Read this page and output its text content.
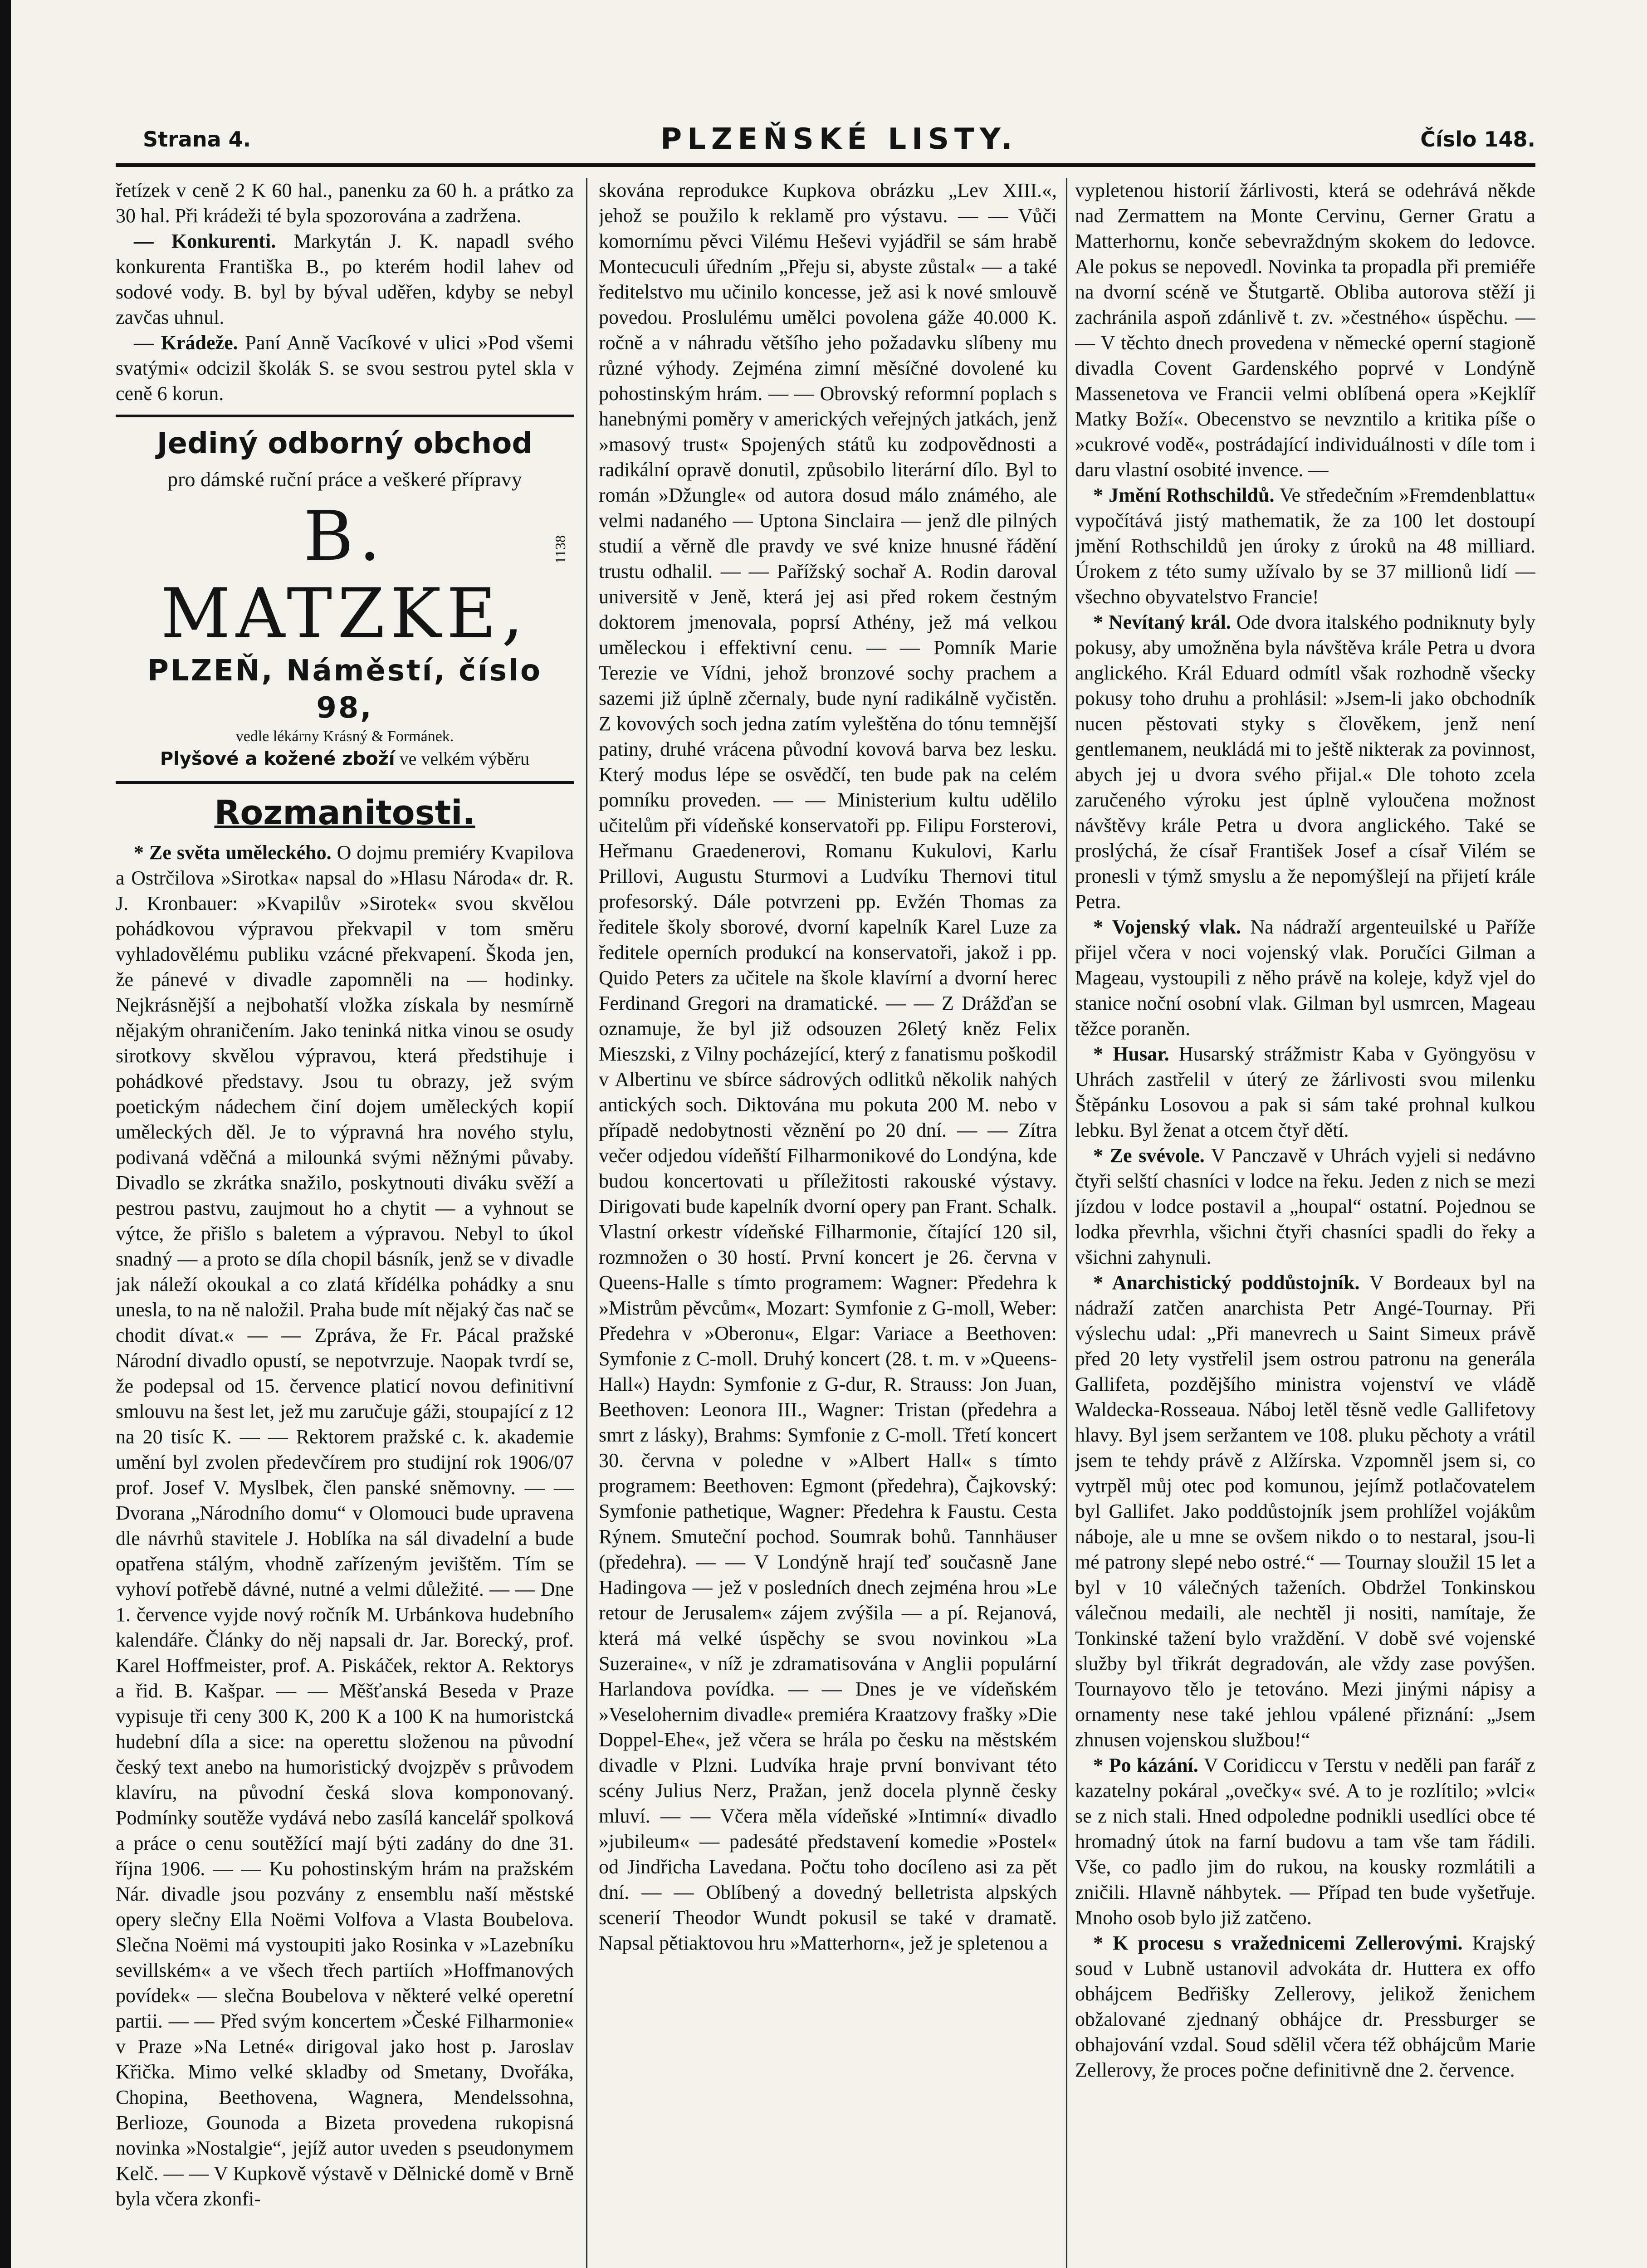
Strana 4.	PLZEŇSKÉ LISTY.	Číslo 148.

řetízek v ceně 2 K 60 hal., panenku za 60 h. a prátko za 30 hal. Při krádeži té byla spozorována a zadržena.

— Konkurenti. Markytán J. K. napadl svého konkurenta Františka B., po kterém hodil lahev od sodové vody. B. byl by býval uděřen, kdyby se nebyl zavčas uhnul.

— Krádeže. Paní Anně Vacíkové v ulici »Pod všemi svatými« odcizil školák S. se svou sestrou pytel skla v ceně 6 korun.

Jediný odborný obchod
pro dámské ruční práce a veškeré přípravy
B. MATZKE,
1138
PLZEŇ, Náměstí, číslo 98,
vedle lékárny Krásný & Formánek.
Plyšové a kožené zboží ve velkém výběru
Rozmanitosti.

* Ze světa uměleckého. O dojmu premiéry Kvapilova a Ostrčilova »Sirotka« napsal do »Hlasu Národa« dr. R. J. Kronbauer: »Kvapilův »Sirotek« svou skvělou pohádkovou výpravou překvapil v tom směru vyhladovělému publiku vzácné překvapení. Škoda jen, že pánevé v divadle zapomněli na — hodinky. Nejkrásnější a nejbohatší vložka získala by nesmírně nějakým ohraničením. Jako teninká nitka vinou se osudy sirotkovy skvělou výpravou, která předstihuje i pohádkové představy. Jsou tu obrazy, jež svým poetickým nádechem činí dojem uměleckých kopií uměleckých děl. Je to výpravná hra nového stylu, podivaná vděčná a milounká svými něžnými půvaby. Divadlo se zkrátka snažilo, poskytnouti diváku svěží a pestrou pastvu, zaujmout ho a chytit — a vyhnout se výtce, že přišlo s baletem a výpravou. Nebyl to úkol snadný — a proto se díla chopil básník, jenž se v divadle jak náleží okoukal a co zlatá křídélka pohádky a snu unesla, to na ně naložil. Praha bude mít nějaký čas nač se chodit dívat.« — — Zpráva, že Fr. Pácal pražské Národní divadlo opustí, se nepotvrzuje. Naopak tvrdí se, že podepsal od 15. července platicí novou definitivní smlouvu na šest let, jež mu zaručuje gáži, stoupající z 12 na 20 tisíc K. — — Rektorem pražské c. k. akademie umění byl zvolen předevčírem pro studijní rok 1906/07 prof. Josef V. Myslbek, člen panské sněmovny. — — Dvorana „Národního domu“ v Olomouci bude upravena dle návrhů stavitele J. Hoblíka na sál divadelní a bude opatřena stálým, vhodně zařízeným jevištěm. Tím se vyhoví potřebě dávné, nutné a velmi důležité. — — Dne 1. července vyjde nový ročník M. Urbánkova hudebního kalendáře. Články do něj napsali dr. Jar. Borecký, prof. Karel Hoffmeister, prof. A. Piskáček, rektor A. Rektorys a řid. B. Kašpar. — — Měšťanská Beseda v Praze vypisuje tři ceny 300 K, 200 K a 100 K na humoristcká hudební díla a sice: na operettu složenou na původní český text anebo na humoristický dvojzpěv s průvodem klavíru, na původní česká slova komponovaný. Podmínky soutěže vydává nebo zasílá kancelář spolková a práce o cenu soutěžící mají býti zadány do dne 31. října 1906. — — Ku pohostinským hrám na pražském Nár. divadle jsou pozvány z ensemblu naší městské opery slečny Ella Noëmi Volfova a Vlasta Boubelova. Slečna Noëmi má vystoupiti jako Rosinka v »Lazebníku sevillském« a ve všech třech partiích »Hoffmanových povídek« — slečna Boubelova v některé velké operetní partii. — — Před svým koncertem »České Filharmonie« v Praze »Na Letné« dirigoval jako host p. Jaroslav Křička. Mimo velké skladby od Smetany, Dvořáka, Chopina, Beethovena, Wagnera, Mendelssohna, Berlioze, Gounoda a Bizeta provedena rukopisná novinka »Nostalgie“, jejíž autor uveden s pseudonymem Kelč. — — V Kupkově výstavě v Dělnické domě v Brně byla včera zkonfi-

skována reprodukce Kupkova obrázku „Lev XIII.«, jehož se použilo k reklamě pro výstavu. — — Vůči komornímu pěvci Vilému Heševi vyjádřil se sám hrabě Montecuculi úředním „Přeju si, abyste zůstal« — a také ředitelstvo mu učinilo koncesse, jež asi k nové smlouvě povedou. Proslulému umělci povolena gáže 40.000 K. ročně a v náhradu většího jeho požadavku slíbeny mu různé výhody. Zejména zimní měsíčné dovolené ku pohostinským hrám. — — Obrovský reformní poplach s hanebnými poměry v amerických veřejných jatkách, jenž »masový trust« Spojených států ku zodpovědnosti a radikální opravě donutil, způsobilo literární dílo. Byl to román »Džungle« od autora dosud málo známého, ale velmi nadaného — Uptona Sinclaira — jenž dle pilných studií a věrně dle pravdy ve své knize hnusné řádění trustu odhalil. — — Pařížský sochař A. Rodin daroval universitě v Jeně, která jej asi před rokem čestným doktorem jmenovala, poprsí Athény, jež má velkou uměleckou i effektivní cenu. — — Pomník Marie Terezie ve Vídni, jehož bronzové sochy prachem a sazemi již úplně zčernaly, bude nyní radikálně vyčistěn. Z kovových soch jedna zatím vyleštěna do tónu temnější patiny, druhé vrácena původní kovová barva bez lesku. Který modus lépe se osvědčí, ten bude pak na celém pomníku proveden. — — Ministerium kultu udělilo učitelům při vídeňské konservatoři pp. Filipu Forsterovi, Heřmanu Graedenerovi, Romanu Kukulovi, Karlu Prillovi, Augustu Sturmovi a Ludvíku Thernovi titul profesorský. Dále potvrzeni pp. Evžén Thomas za ředitele školy sborové, dvorní kapelník Karel Luze za ředitele operních produkcí na konservatoři, jakož i pp. Quido Peters za učitele na škole klavírní a dvorní herec Ferdinand Gregori na dramatické. — — Z Drážďan se oznamuje, že byl již odsouzen 26letý kněz Felix Mieszski, z Vilny pocházející, který z fanatismu poškodil v Albertinu ve sbírce sádrových odlitků několik nahých antických soch. Diktována mu pokuta 200 M. nebo v případě nedobytnosti věznění po 20 dní. — — Zítra večer odjedou vídeňští Filharmonikové do Londýna, kde budou koncertovati u příležitosti rakouské výstavy. Dirigovati bude kapelník dvorní opery pan Frant. Schalk. Vlastní orkestr vídeňské Filharmonie, čítající 120 sil, rozmnožen o 30 hostí. První koncert je 26. června v Queens-Halle s tímto programem: Wagner: Předehra k »Mistrům pěvcům«, Mozart: Symfonie z G-moll, Weber: Předehra v »Oberonu«, Elgar: Variace a Beethoven: Symfonie z C-moll. Druhý koncert (28. t. m. v »Queens-Hall«) Haydn: Symfonie z G-dur, R. Strauss: Jon Juan, Beethoven: Leonora III., Wagner: Tristan (předehra a smrt z lásky), Brahms: Symfonie z C-moll. Třetí koncert 30. června v poledne v »Albert Hall« s tímto programem: Beethoven: Egmont (předehra), Čajkovský: Symfonie pathetique, Wagner: Předehra k Faustu. Cesta Rýnem. Smuteční pochod. Soumrak bohů. Tannhäuser (předehra). — — V Londýně hrají teď současně Jane Hadingova — jež v posledních dnech zejména hrou »Le retour de Jerusalem« zájem zvýšila — a pí. Rejanová, která má velké úspěchy se svou novinkou »La Suzeraine«, v níž je zdramatisována v Anglii populární Harlandova povídka. — — Dnes je ve vídeňském »Veselohernim divadle« premiéra Kraatzovy frašky »Die Doppel-Ehe«, jež včera se hrála po česku na městském divadle v Plzni. Ludvíka hraje první bonvivant této scény Julius Nerz, Pražan, jenž docela plynně česky mluví. — — Včera měla vídeňské »Intimní« divadlo »jubileum« — padesáté představení komedie »Postel« od Jindřicha Lavedana. Počtu toho docíleno asi za pět dní. — — Oblíbený a dovedný belletrista alpských scenerií Theodor Wundt pokusil se také v dramatě. Napsal pětiaktovou hru »Matterhorn«, jež je spletenou a

vypletenou historií žárlivosti, která se odehrává někde nad Zermattem na Monte Cervinu, Gerner Gratu a Matterhornu, konče sebevraždným skokem do ledovce. Ale pokus se nepovedl. Novinka ta propadla při premiéře na dvorní scéně ve Štutgartě. Obliba autorova stěží ji zachránila aspoň zdánlivě t. zv. »čestného« úspěchu. — — V těchto dnech provedena v německé operní stagioně divadla Covent Gardenského poprvé v Londýně Massenetova ve Francii velmi oblíbená opera »Kejklíř Matky Boží«. Obecenstvo se nevzntilo a kritika píše o »cukrové vodě«, postrádající individuálnosti v díle tom i daru vlastní osobité invence. —

* Jmění Rothschildů. Ve středečním »Fremdenblattu« vypočítává jistý mathematik, že za 100 let dostoupí jmění Rothschildů jen úroky z úroků na 48 milliard. Úrokem z této sumy užívalo by se 37 millionů lidí — všechno obyvatelstvo Francie!

* Nevítaný král. Ode dvora italského podniknuty byly pokusy, aby umožněna byla návštěva krále Petra u dvora anglického. Král Eduard odmítl však rozhodně všecky pokusy toho druhu a prohlásil: »Jsem-li jako obchodník nucen pěstovati styky s člověkem, jenž není gentlemanem, neukládá mi to ještě nikterak za povinnost, abych jej u dvora svého přijal.« Dle tohoto zcela zaručeného výroku jest úplně vyloučena možnost návštěvy krále Petra u dvora anglického. Také se proslýchá, že císař František Josef a císař Vilém se pronesli v týmž smyslu a že nepomýšlejí na přijetí krále Petra.

* Vojenský vlak. Na nádraží argenteuilské u Paříže přijel včera v noci vojenský vlak. Poručíci Gilman a Mageau, vystoupili z něho právě na koleje, když vjel do stanice noční osobní vlak. Gilman byl usmrcen, Mageau těžce poraněn.

* Husar. Husarský strážmistr Kaba v Gyöngyösu v Uhrách zastřelil v úterý ze žárlivosti svou milenku Štěpánku Losovou a pak si sám také prohnal kulkou lebku. Byl ženat a otcem čtyř dětí.

* Ze svévole. V Panczavě v Uhrách vyjeli si nedávno čtyři selští chasníci v lodce na řeku. Jeden z nich se mezi jízdou v lodce postavil a „houpal“ ostatní. Pojednou se lodka převrhla, všichni čtyři chasníci spadli do řeky a všichni zahynuli.

* Anarchistický poddůstojník. V Bordeaux byl na nádraží zatčen anarchista Petr Angé-Tournay. Při výslechu udal: „Při manevrech u Saint Simeux právě před 20 lety vystřelil jsem ostrou patronu na generála Gallifeta, pozdějšího ministra vojenství ve vládě Waldecka-Rosseaua. Náboj letěl těsně vedle Gallifetovy hlavy. Byl jsem seržantem ve 108. pluku pěchoty a vrátil jsem te tehdy právě z Alžírska. Vzpomněl jsem si, co vytrpěl můj otec pod komunou, jejímž potlačovatelem byl Gallifet. Jako poddůstojník jsem prohlížel vojákům náboje, ale u mne se ovšem nikdo o to nestaral, jsou-li mé patrony slepé nebo ostré.“ — Tournay sloužil 15 let a byl v 10 válečných taženích. Obdržel Tonkinskou válečnou medaili, ale nechtěl ji nositi, namítaje, že Tonkinské tažení bylo vraždění. V době své vojenské služby byl třikrát degradován, ale vždy zase povýšen. Tournayovo tělo je tetováno. Mezi jinými nápisy a ornamenty nese také jehlou vpálené přiznání: „Jsem zhnusen vojenskou službou!“

* Po kázání. V Coridiccu v Terstu v neděli pan farář z kazatelny pokáral „ovečky« své. A to je rozlítilo; »vlci« se z nich stali. Hned odpoledne podnikli usedlíci obce té hromadný útok na farní budovu a tam vše tam řádili. Vše, co padlo jim do rukou, na kousky rozmlátili a zničili. Hlavně náhbytek. — Případ ten bude vyšetřuje. Mnoho osob bylo již zatčeno.

* K procesu s vražednicemi Zellerovými. Krajský soud v Lubně ustanovil advokáta dr. Huttera ex offo obhájcem Bedřišky Zellerovy, jelikož ženichem obžalované zjednaný obhájce dr. Pressburger se obhajování vzdal. Soud sdělil včera též obhájcům Marie Zellerovy, že proces počne definitivně dne 2. července.
